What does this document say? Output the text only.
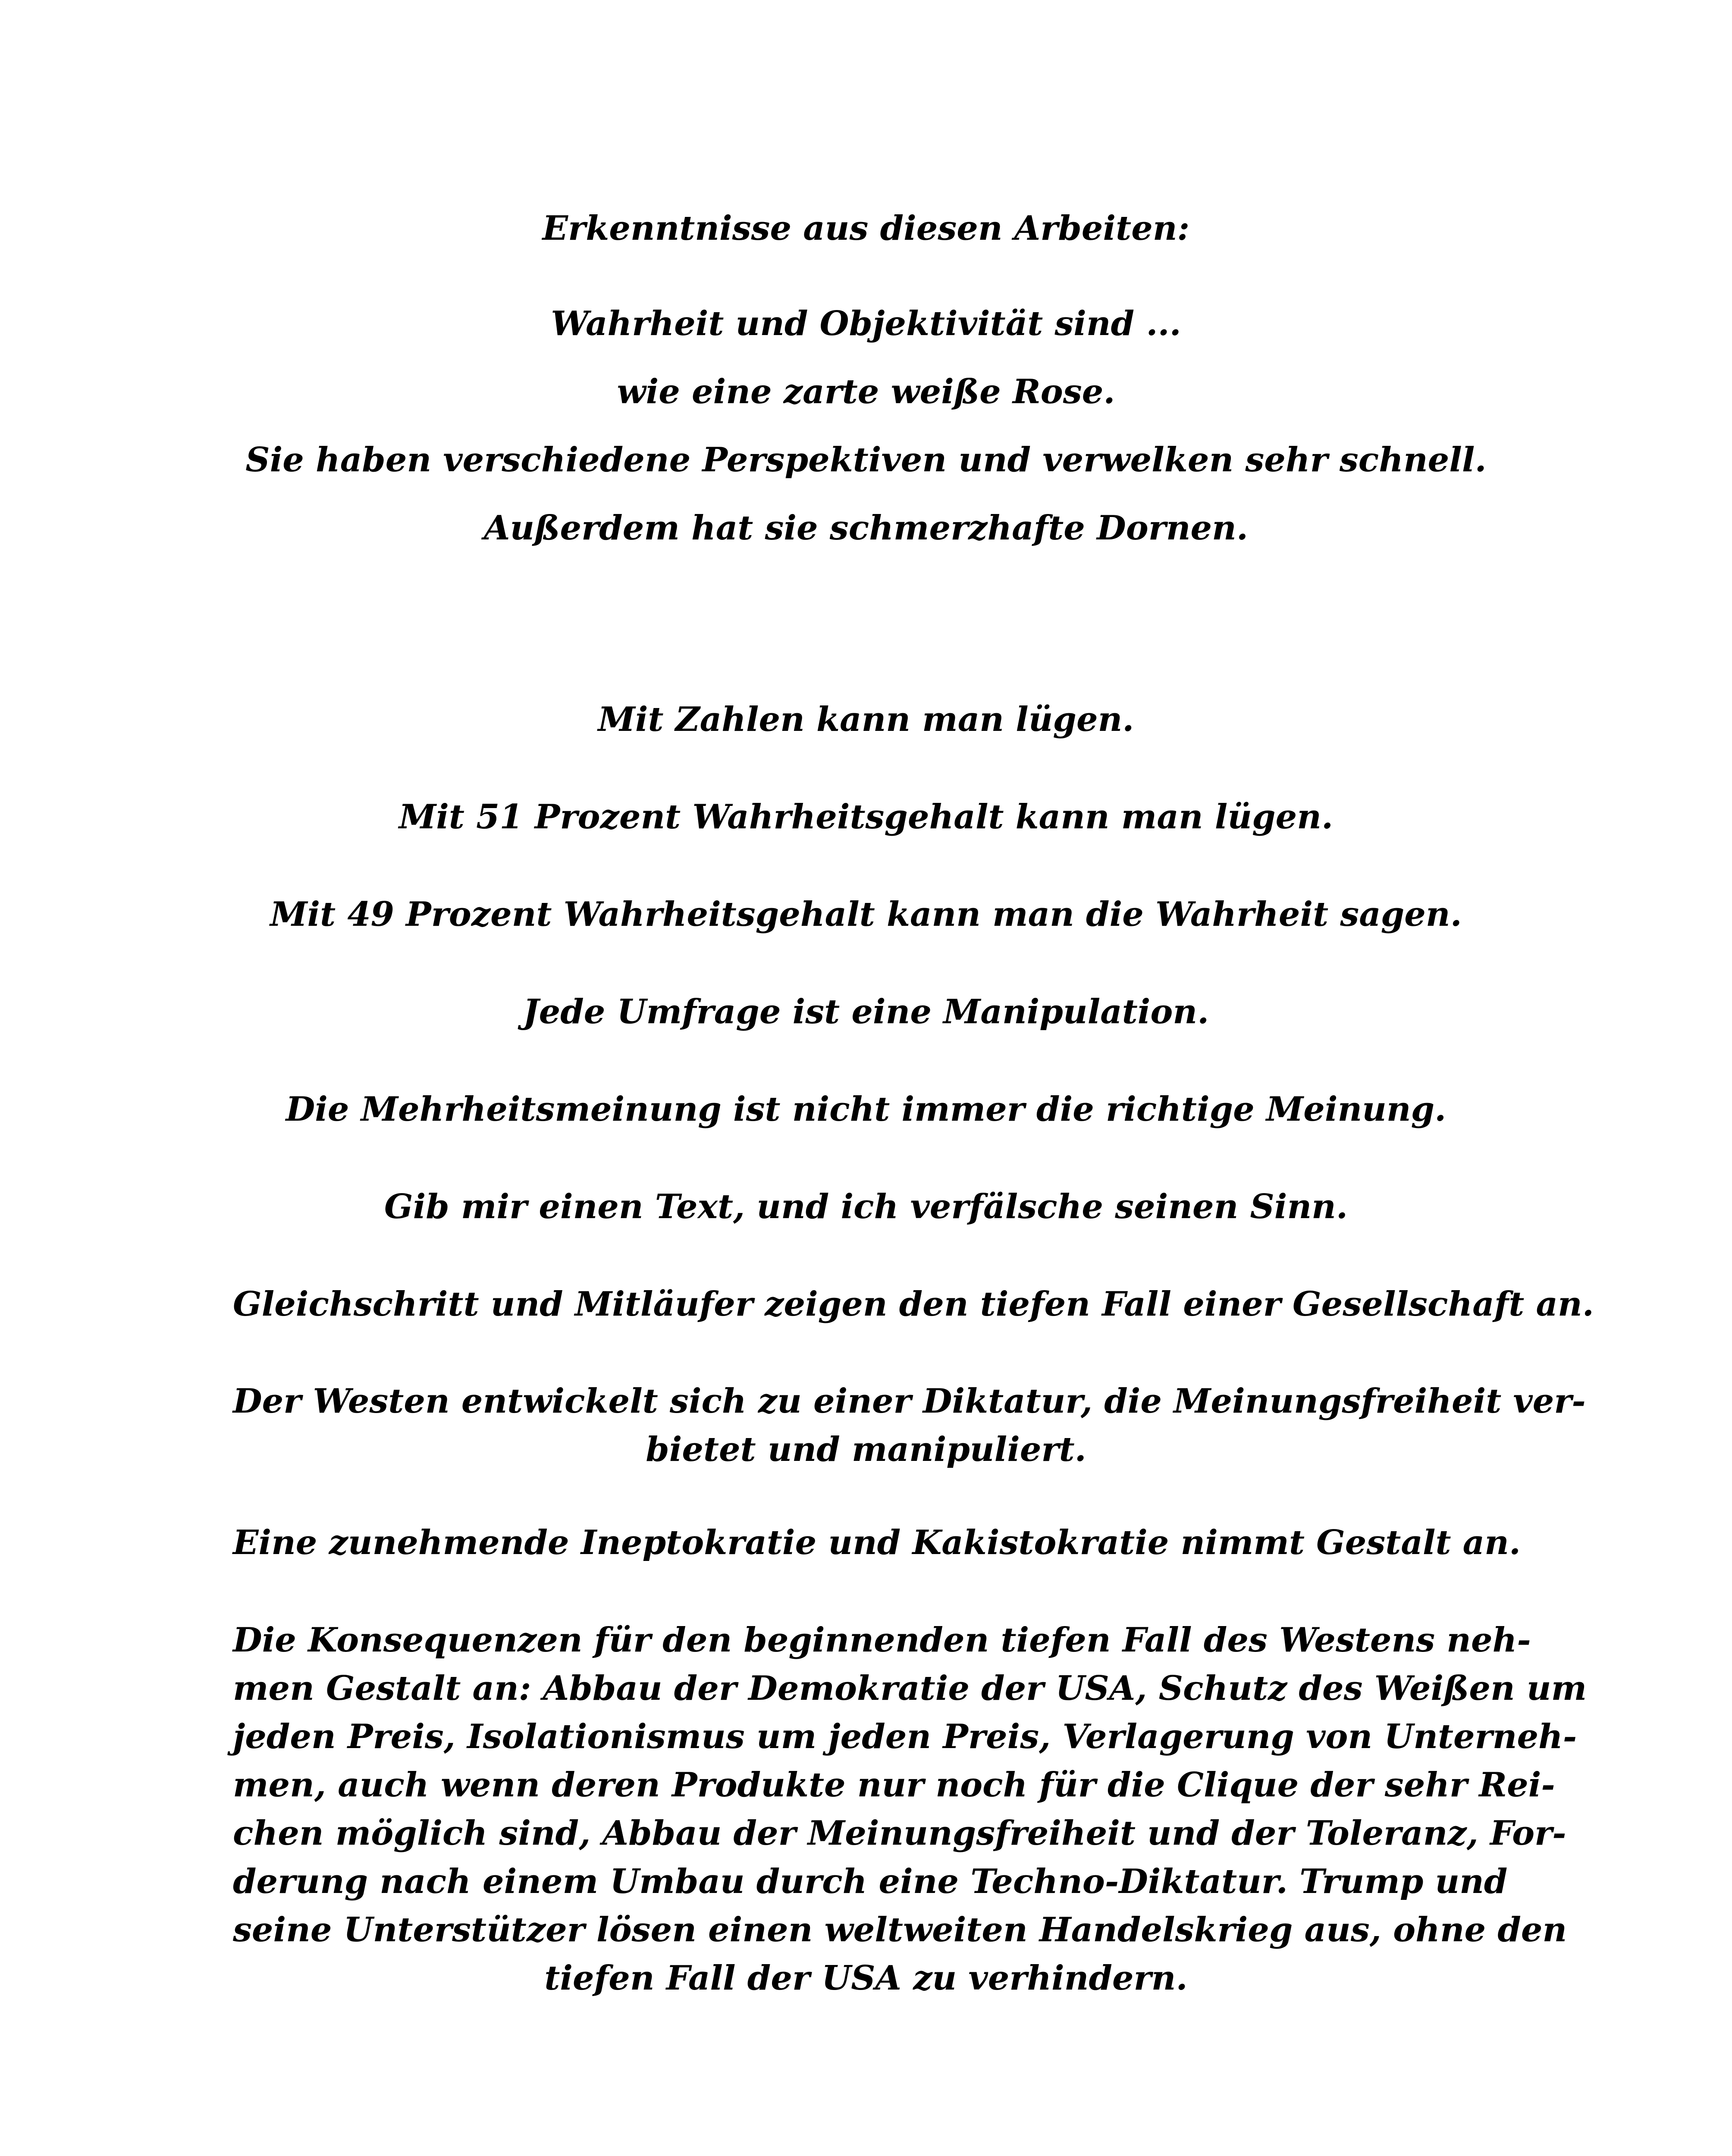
Erkenntnisse aus diesen Arbeiten:

Wahrheit und Objektivität sind ...

wie eine zarte weiße Rose.

Sie haben verschiedene Perspektiven und verwelken sehr schnell.

Außerdem hat sie schmerzhafte Dornen.

Mit Zahlen kann man lügen.

Mit 51 Prozent Wahrheitsgehalt kann man lügen.

Mit 49 Prozent Wahrheitsgehalt kann man die Wahrheit sagen.

Jede Umfrage ist eine Manipulation.

Die Mehrheitsmeinung ist nicht immer die richtige Meinung.

Gib mir einen Text, und ich verfälsche seinen Sinn.

Gleichschritt und Mitläufer zeigen den tiefen Fall einer Gesellschaft an.

Der Westen entwickelt sich zu einer Diktatur, die Meinungsfreiheit ver-
bietet und manipuliert.

Eine zunehmende Ineptokratie und Kakistokratie nimmt Gestalt an.

Die Konsequenzen für den beginnenden tiefen Fall des Westens neh-
men Gestalt an: Abbau der Demokratie der USA, Schutz des Weißen um
jeden Preis, Isolationismus um jeden Preis, Verlagerung von Unterneh-
men, auch wenn deren Produkte nur noch für die Clique der sehr Rei-
chen möglich sind, Abbau der Meinungsfreiheit und der Toleranz, For-
derung nach einem Umbau durch eine Techno-Diktatur. Trump und
seine Unterstützer lösen einen weltweiten Handelskrieg aus, ohne den
tiefen Fall der USA zu verhindern.
